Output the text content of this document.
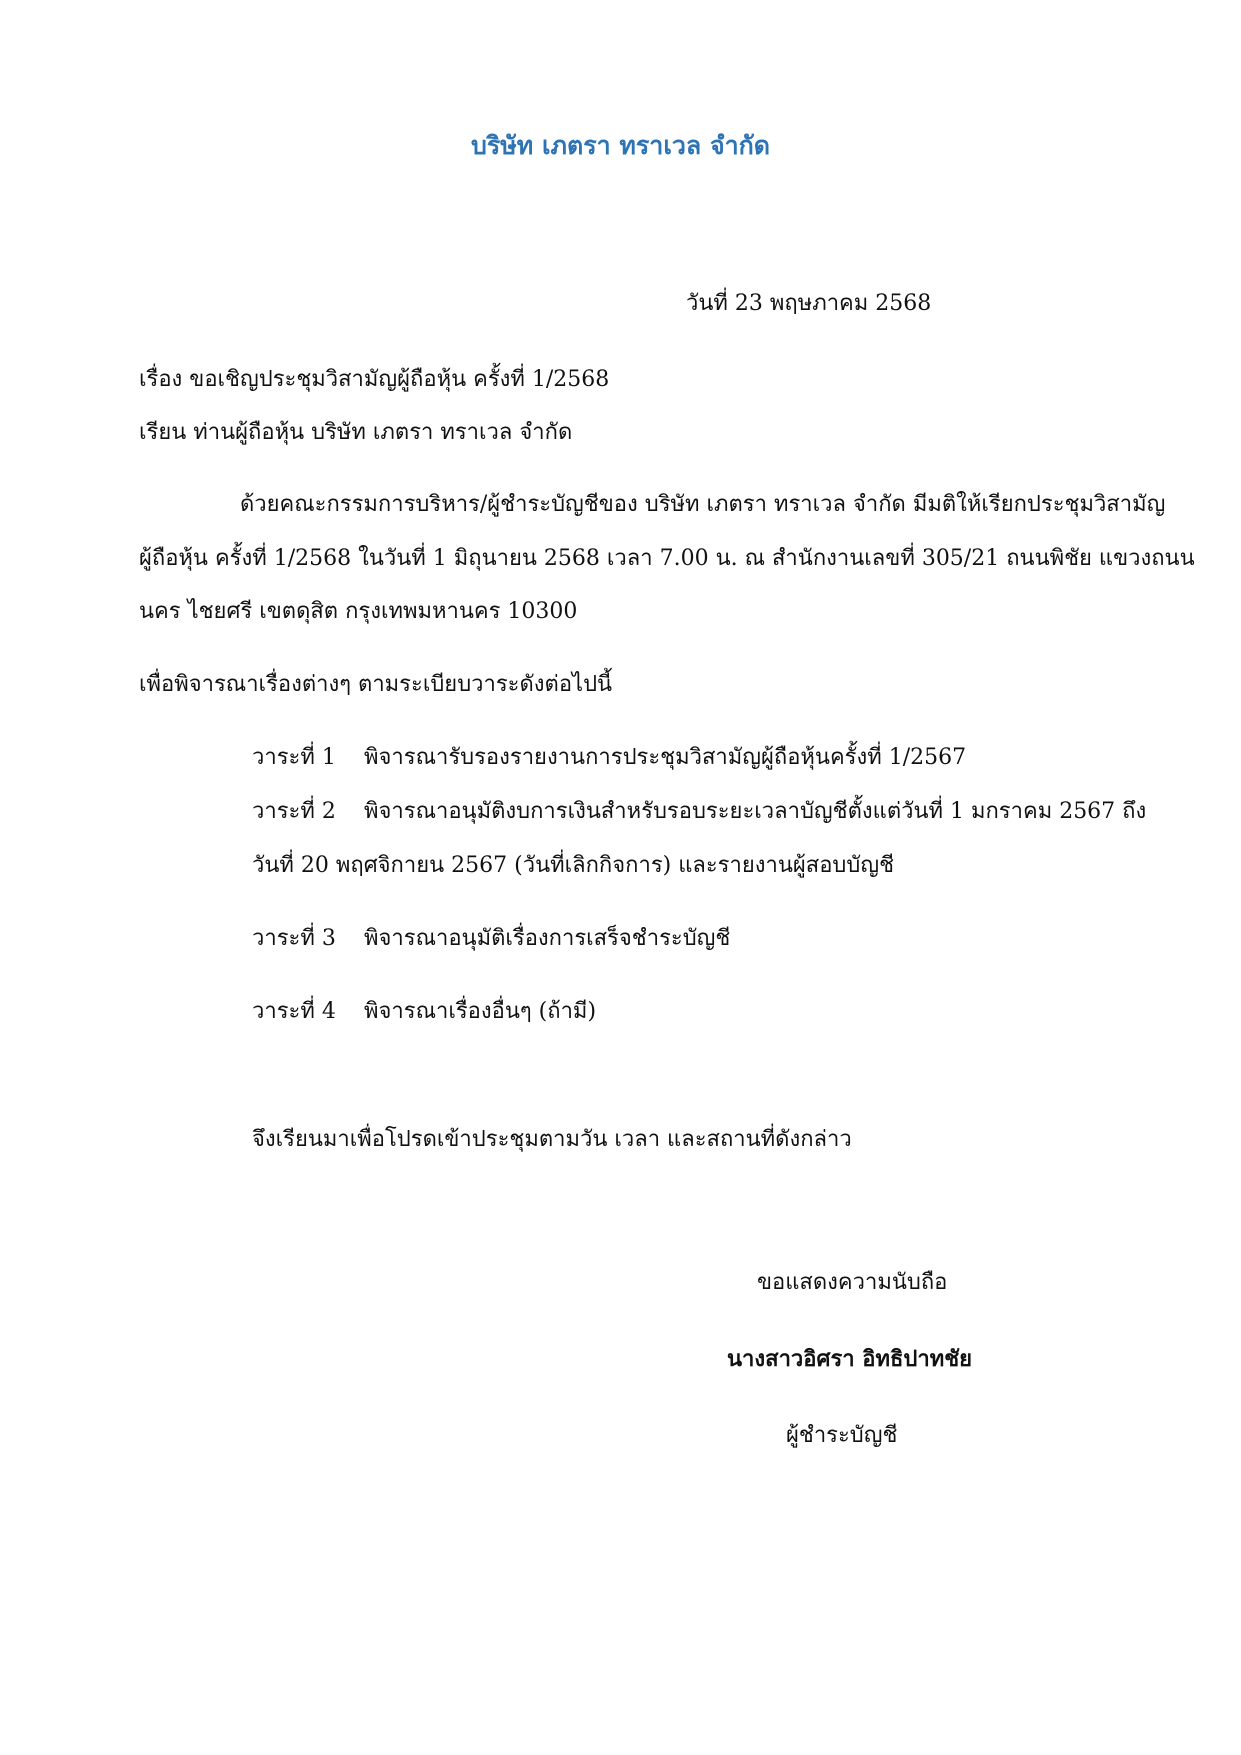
บริษัท เภตรา ทราเวล จำกัด
วันที่ 23 พฤษภาคม 2568
เรื่อง ขอเชิญประชุมวิสามัญผู้ถือหุ้น ครั้งที่ 1/2568
เรียน ท่านผู้ถือหุ้น บริษัท เภตรา ทราเวล จำกัด
ด้วยคณะกรรมการบริหาร/ผู้ชำระบัญชีของ บริษัท เภตรา ทราเวล จำกัด มีมติให้เรียกประชุมวิสามัญ
ผู้ถือหุ้น ครั้งที่ 1/2568 ในวันที่ 1 มิถุนายน 2568 เวลา 7.00 น. ณ สำนักงานเลขที่ 305/21 ถนนพิชัย แขวงถนน
นคร ไชยศรี เขตดุสิต กรุงเทพมหานคร 10300
เพื่อพิจารณาเรื่องต่างๆ ตามระเบียบวาระดังต่อไปนี้
วาระที่ 1 พิจารณารับรองรายงานการประชุมวิสามัญผู้ถือหุ้นครั้งที่ 1/2567
วาระที่ 2 พิจารณาอนุมัติงบการเงินสำหรับรอบระยะเวลาบัญชีตั้งแต่วันที่ 1 มกราคม 2567 ถึง
วันที่ 20 พฤศจิกายน 2567 (วันที่เลิกกิจการ) และรายงานผู้สอบบัญชี
วาระที่ 3 พิจารณาอนุมัติเรื่องการเสร็จชำระบัญชี
วาระที่ 4 พิจารณาเรื่องอื่นๆ (ถ้ามี)
จึงเรียนมาเพื่อโปรดเข้าประชุมตามวัน เวลา และสถานที่ดังกล่าว
ขอแสดงความนับถือ
นางสาวอิศรา อิทธิปาทชัย
ผู้ชำระบัญชี
